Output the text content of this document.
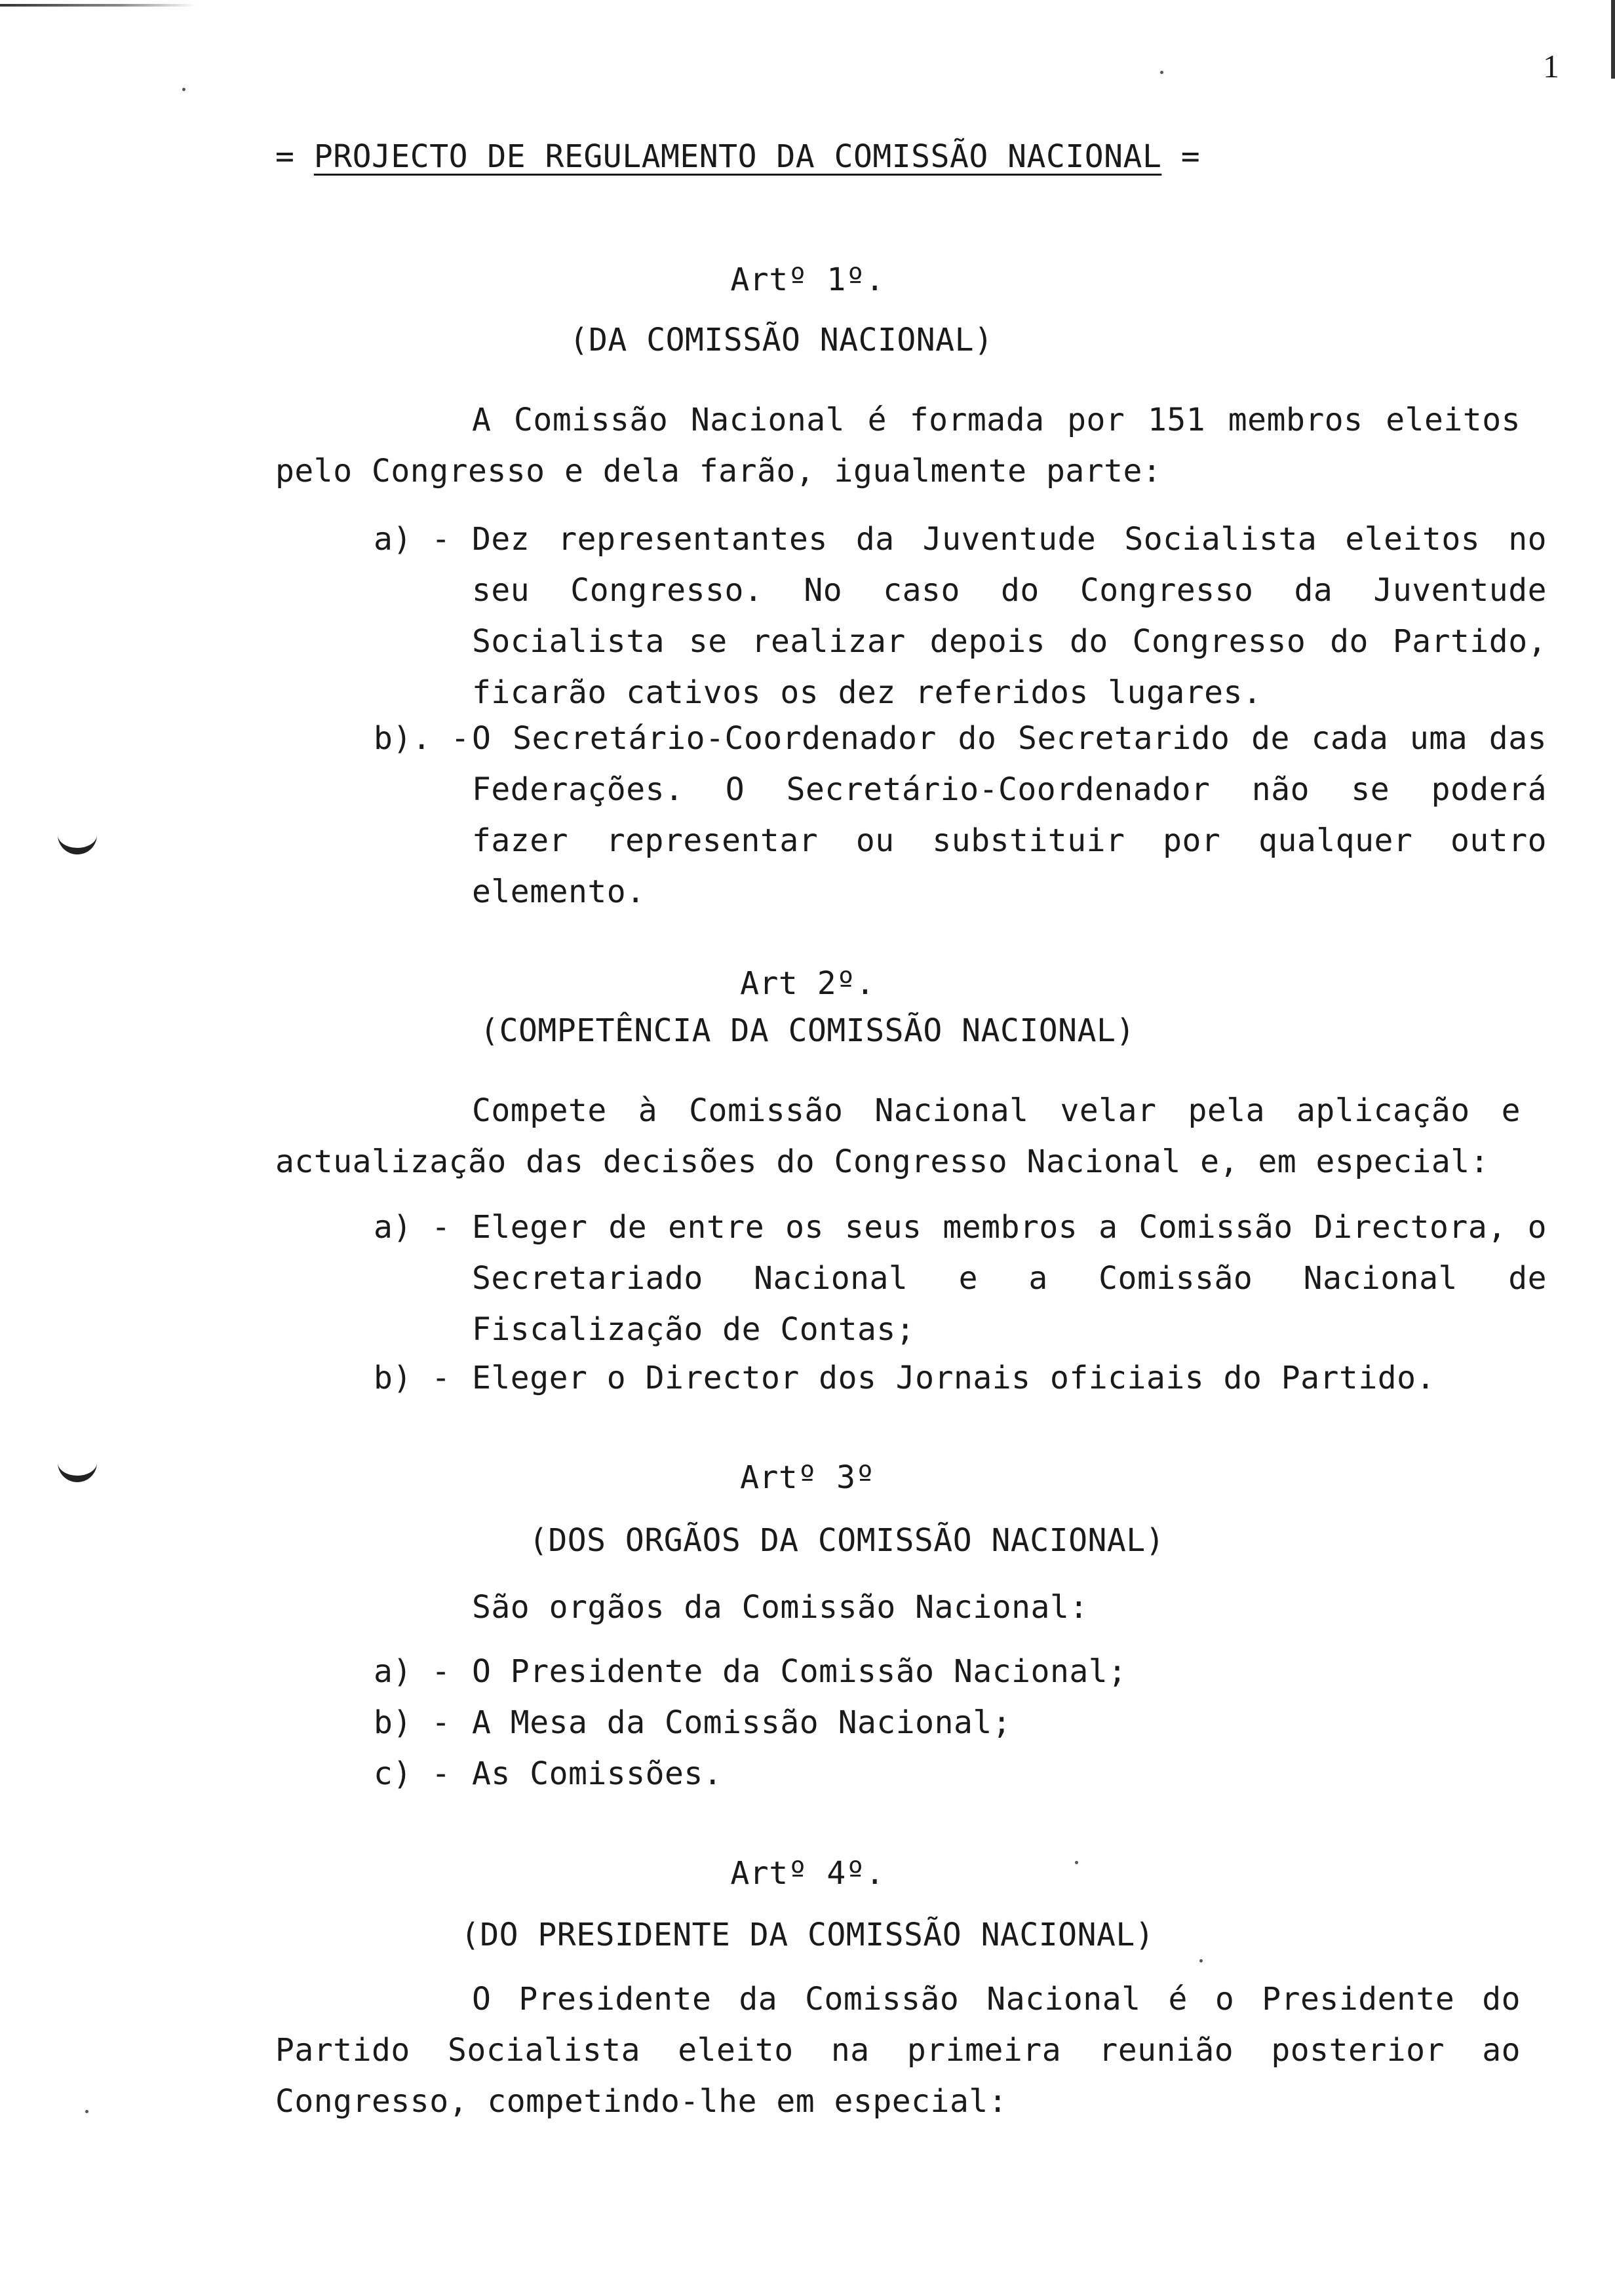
1
= PROJECTO DE REGULAMENTO DA COMISSÃO NACIONAL =
Artº 1º.
(DA COMISSÃO NACIONAL)
A Comissão Nacional é formada por 151 membros eleitos pelo Congresso e dela farão, igualmente parte:
a) - Dez representantes da Juventude Socialista eleitos no seu Congresso. No caso do Congresso da Juventude Socialista se realizar depois do Congresso do Partido, ficarão cativos os dez referidos lugares.
b). - O Secretário-Coordenador do Secretarido de cada uma das Federações. O Secretário-Coordenador não se poderá fazer representar ou substituir por qualquer outro elemento.
Art 2º.
(COMPETÊNCIA DA COMISSÃO NACIONAL)
Compete à Comissão Nacional velar pela aplicação e actualização das decisões do Congresso Nacional e, em especial:
a) - Eleger de entre os seus membros a Comissão Directora, o Secretariado Nacional e a Comissão Nacional de Fiscalização de Contas;
b) - Eleger o Director dos Jornais oficiais do Partido.
Artº 3º
(DOS ORGÃOS DA COMISSÃO NACIONAL)
São orgãos da Comissão Nacional:
a) - O Presidente da Comissão Nacional;
b) - A Mesa da Comissão Nacional;
c) - As Comissões.
Artº 4º.
(DO PRESIDENTE DA COMISSÃO NACIONAL)
O Presidente da Comissão Nacional é o Presidente do Partido Socialista eleito na primeira reunião posterior ao Congresso, competindo-lhe em especial:
